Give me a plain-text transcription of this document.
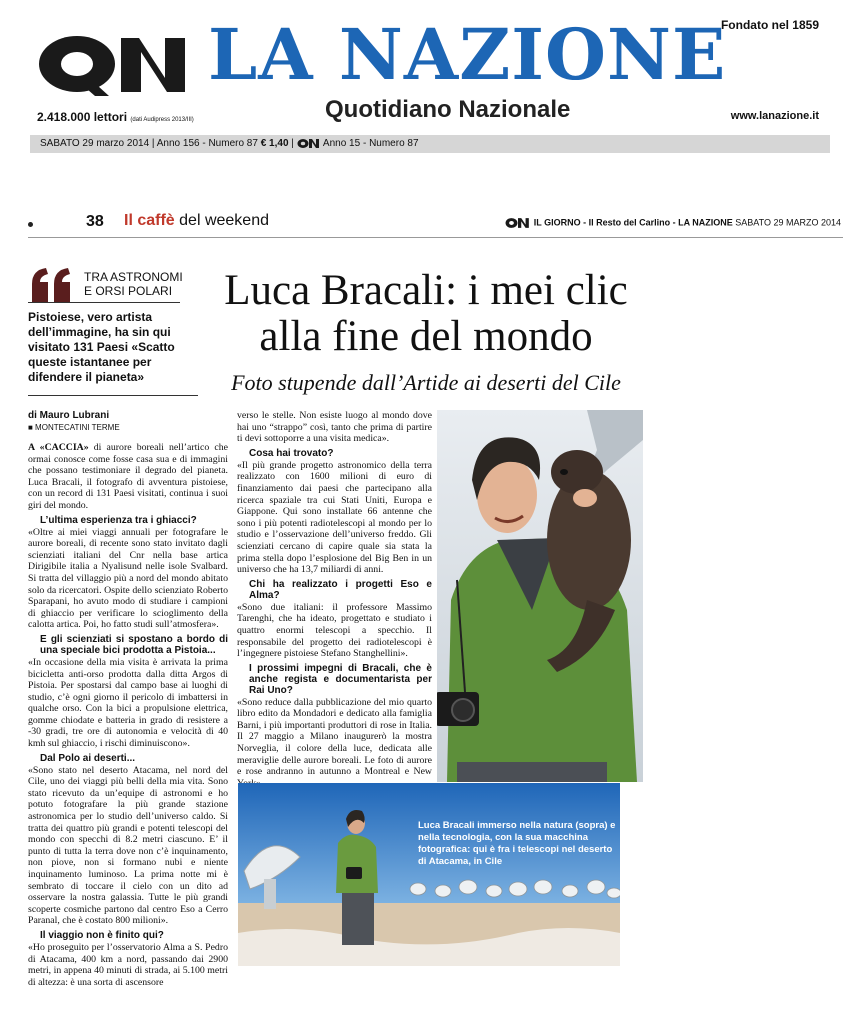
Fondato nel 1859
QN LA NAZIONE
Quotidiano Nazionale
2.418.000 lettori (dati Audipress 2013/III)	www.lanazione.it
SABATO 29 marzo 2014 | Anno 156 - Numero 87 € 1,40 |	Anno 15 - Numero 87
38 Il caffè del weekend	IL GIORNO - Il Resto del Carlino - LA NAZIONE SABATO 29 MARZO 2014
TRA ASTRONOMI
E ORSI POLARI
Pistoiese, vero artista dell’immagine, ha sin qui visitato 131 Paesi «Scatto queste istantanee per difendere il pianeta»
Luca Bracali: i mei clic
alla fine del mondo
Foto stupende dall’Artide ai deserti del Cile
di Mauro Lubrani
■ MONTECATINI TERME

A «CACCIA» di aurore boreali nell’artico che ormai conosce come fosse casa sua e di immagini che possano testimoniare il degrado del pianeta. Luca Bracali, il fotografo di avventura pistoiese, con un record di 131 Paesi visitati, continua i suoi giri del mondo.

L’ultima esperienza tra i ghiacci?

«Oltre ai miei viaggi annuali per fotografare le aurore boreali, di recente sono stato invitato dagli scienziati italiani del Cnr nella base artica Dirigibile italia a Nyalisund nelle isole Svalbard. Si tratta del villaggio più a nord del mondo abitato solo da ricercatori. Ospite dello scienziato Roberto Sparapani, ho avuto modo di studiare i campioni di ghiaccio per verificare lo scioglimento della calotta artica. Poi, ho fatto studi sull’atmosfera».

E gli scienziati si spostano a bordo di una speciale bici prodotta a Pistoia...

«In occasione della mia visita è arrivata la prima bicicletta anti-orso prodotta dalla ditta Argos di Pistoia. Per spostarsi dal campo base ai luoghi di studio, c’è ogni giorno il pericolo di imbattersi in qualche orso. Con la bici a propulsione elettrica, gomme chiodate e batteria in grado di resistere a -30 gradi, tre ore di autonomia e velocità di 40 kmh sul ghiaccio, i rischi diminuiscono».

Dal Polo ai deserti...

«Sono stato nel deserto Atacama, nel nord del Cile, uno dei viaggi più belli della mia vita. Sono stato ricevuto da un’equipe di astronomi e ho potuto fotografare la più grande stazione astronomica per lo studio dell’universo caldo. Si tratta dei quattro più grandi e potenti telescopi del mondo con specchi di 8.2 metri ciascuno. E’ il punto di tutta la terra dove non c’è inquinamento, non piove, non si formano nubi e niente inquinamento luminoso. La prima notte mi è sembrato di toccare il cielo con un dito ad osservare la nostra galassia. Tutte le più grandi scoperte cosmiche partono dal centro Eso a Cerro Paranal, che è costato 800 milioni».

Il viaggio non è finito qui?

«Ho proseguito per l’osservatorio Alma a S. Pedro di Atacama, 400 km a nord, passando dai 2900 metri, in appena 40 minuti di strada, ai 5.100 metri di altezza: è una sorta di ascensore

verso le stelle. Non esiste luogo al mondo dove hai uno “strappo” così, tanto che prima di partire ti devi sottoporre a una visita medica».

Cosa hai trovato?

«Il più grande progetto astronomico della terra realizzato con 1600 milioni di euro di finanziamento dai paesi che partecipano alla ricerca spaziale tra cui Stati Uniti, Europa e Giappone. Qui sono installate 66 antenne che sono i più potenti radiotelescopi al mondo per lo studio e l’osservazione dell’universo freddo. Gli scienziati cercano di capire quale sia stata la prima stella dopo l’esplosione del Big Ben in un universo che ha 13,7 miliardi di anni.

Chi ha realizzato i progetti Eso e Alma?

«Sono due italiani: il professore Massimo Tarenghi, che ha ideato, progettato e studiato i quattro enormi telescopi a specchio. Il responsabile del progetto dei radiotelescopi è l’ingegnere pistoiese Stefano Stanghellini».

I prossimi impegni di Bracali, che è anche regista e documentarista per Rai Uno?

«Sono reduce dalla pubblicazione del mio quarto libro edito da Mondadori e dedicato alla famiglia Barni, i più importanti produttori di rose in Italia. Il 27 maggio a Milano inaugurerò la mostra Norveglia, il colore della luce, dedicata alle meraviglie delle aurore boreali. Le foto di aurore e rose andranno in autunno a Montreal e New

Luca Bracali immerso nella natura (sopra) e nella tecnologia, con la sua macchina fotografica: qui è fra i telescopi nel deserto di Atacama, in Cile
